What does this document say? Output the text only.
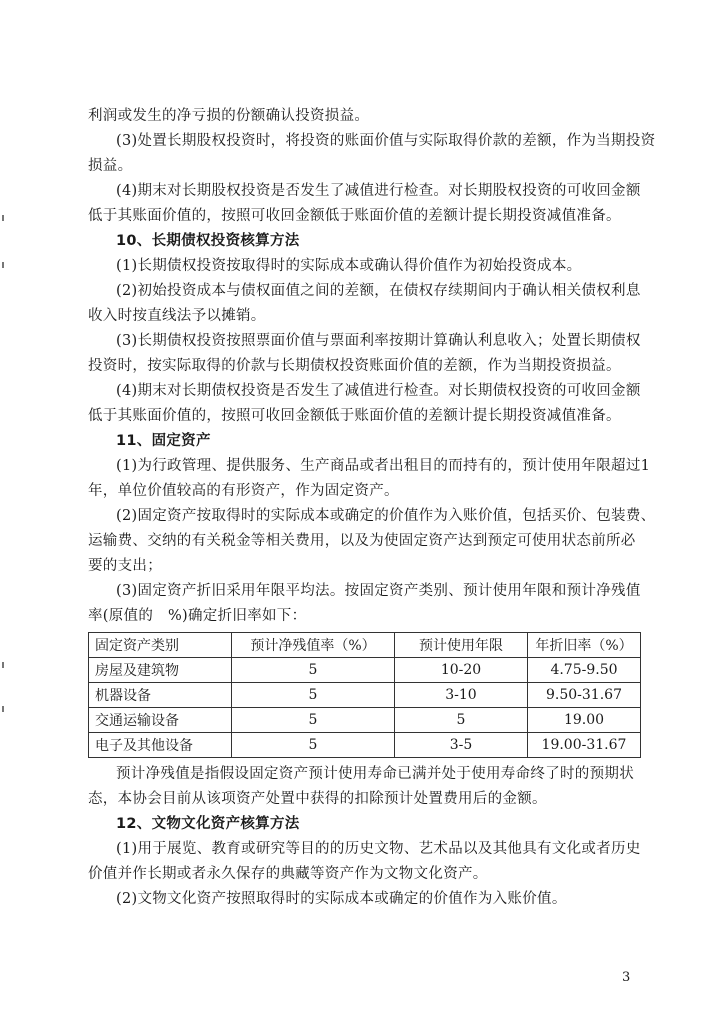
利润或发生的净亏损的份额确认投资损益。

(3)处置长期股权投资时，将投资的账面价值与实际取得价款的差额，作为当期投资

损益。

(4)期末对长期股权投资是否发生了减值进行检查。对长期股权投资的可收回金额

低于其账面价值的，按照可收回金额低于账面价值的差额计提长期投资减值准备。

10、长期债权投资核算方法

(1)长期债权投资按取得时的实际成本或确认得价值作为初始投资成本。

(2)初始投资成本与债权面值之间的差额，在债权存续期间内于确认相关债权利息

收入时按直线法予以摊销。

(3)长期债权投资按照票面价值与票面利率按期计算确认利息收入；处置长期债权

投资时，按实际取得的价款与长期债权投资账面价值的差额，作为当期投资损益。

(4)期末对长期债权投资是否发生了减值进行检查。对长期债权投资的可收回金额

低于其账面价值的，按照可收回金额低于账面价值的差额计提长期投资减值准备。

11、固定资产

(1)为行政管理、提供服务、生产商品或者出租目的而持有的，预计使用年限超过1

年，单位价值较高的有形资产，作为固定资产。

(2)固定资产按取得时的实际成本或确定的价值作为入账价值，包括买价、包装费、

运输费、交纳的有关税金等相关费用，以及为使固定资产达到预定可使用状态前所必

要的支出；

(3)固定资产折旧采用年限平均法。按固定资产类别、预计使用年限和预计净残值

率(原值的　%)确定折旧率如下：

固定资产类别	预计净残值率（%）	预计使用年限	年折旧率（%）
房屋及建筑物	5	10-20	4.75-9.50
机器设备	5	3-10	9.50-31.67
交通运输设备	5	5	19.00
电子及其他设备	5	3-5	19.00-31.67

预计净残值是指假设固定资产预计使用寿命已满并处于使用寿命终了时的预期状

态，本协会目前从该项资产处置中获得的扣除预计处置费用后的金额。

12、文物文化资产核算方法

(1)用于展览、教育或研究等目的的历史文物、艺术品以及其他具有文化或者历史

价值并作长期或者永久保存的典藏等资产作为文物文化资产。

(2)文物文化资产按照取得时的实际成本或确定的价值作为入账价值。

3
